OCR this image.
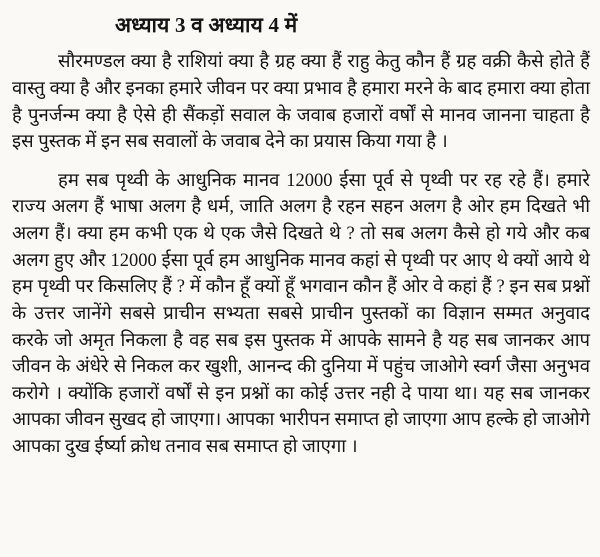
अध्याय 3 व अध्याय 4 में

सौरमण्डल क्या है राशियां क्या है ग्रह क्या हैं राहु केतु कौन हैं ग्रह वक्री कैसे होते हैं वास्तु क्या है और इनका हमारे जीवन पर क्या प्रभाव है हमारा मरने के बाद हमारा क्या होता है पुनर्जन्म क्या है ऐसे ही सैंकड़ों सवाल के जवाब हजारों वर्षों से मानव जानना चाहता है इस पुस्तक में इन सब सवालों के जवाब देने का प्रयास किया गया है ।

हम सब पृथ्वी के आधुनिक मानव 12000 ईसा पूर्व से पृथ्वी पर रह रहे हैं। हमारे राज्य अलग हैं भाषा अलग है धर्म, जाति अलग है रहन सहन अलग है ओर हम दिखते भी अलग हैं। क्या हम कभी एक थे एक जैसे दिखते थे ? तो सब अलग कैसे हो गये और कब अलग हुए और 12000 ईसा पूर्व हम आधुनिक मानव कहां से पृथ्वी पर आए थे क्यों आये थे हम पृथ्वी पर किसलिए हैं ? में कौन हूँ क्यों हूँ भगवान कौन हैं ओर वे कहां हैं ? इन सब प्रश्नों के उत्तर जानेंगे सबसे प्राचीन सभ्यता सबसे प्राचीन पुस्तकों का विज्ञान सम्मत अनुवाद करके जो अमृत निकला है वह सब इस पुस्तक में आपके सामने है यह सब जानकर आप जीवन के अंधेरे से निकल कर खुशी, आनन्द की दुनिया में पहुंच जाओगे स्वर्ग जैसा अनुभव करोगे । क्योंकि हजारों वर्षों से इन प्रश्नों का कोई उत्तर नही दे पाया था। यह सब जानकर आपका जीवन सुखद हो जाएगा। आपका भारीपन समाप्त हो जाएगा आप हल्के हो जाओगे आपका दुख ईर्ष्या क्रोध तनाव सब समाप्त हो जाएगा ।
